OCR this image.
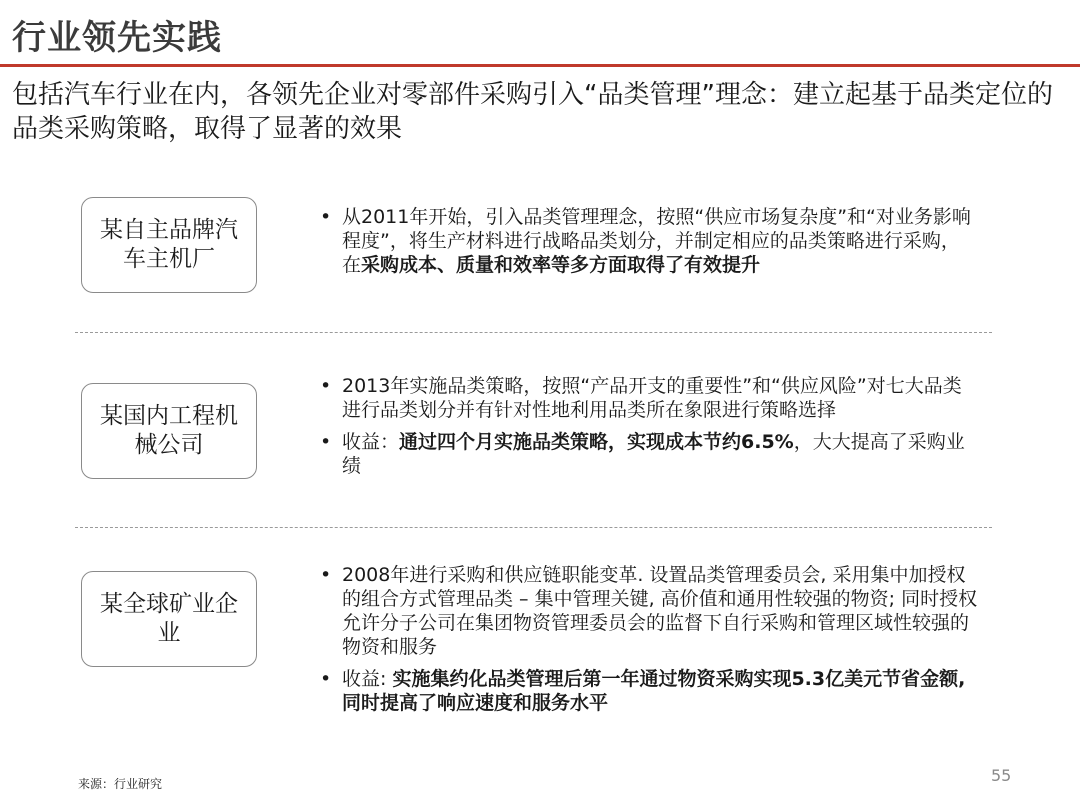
行业领先实践

包括汽车行业在内，各领先企业对零部件采购引入“品类管理”理念：建立起基于品类定位的品类采购策略，取得了显著的效果

某自主品牌汽车主机厂
• 从2011年开始，引入品类管理理念，按照“供应市场复杂度”和“对业务影响程度”，将生产材料进行战略品类划分，并制定相应的品类策略进行采购，在采购成本、质量和效率等多方面取得了有效提升
某国内工程机械公司
• 2013年实施品类策略，按照“产品开支的重要性”和“供应风险”对七大品类进行品类划分并有针对性地利用品类所在象限进行策略选择
• 收益：通过四个月实施品类策略，实现成本节约6.5%，大大提高了采购业绩
某全球矿业企业
• 2008年进行采购和供应链职能变革. 设置品类管理委员会, 采用集中加授权的组合方式管理品类 – 集中管理关键, 高价值和通用性较强的物资; 同时授权允许分子公司在集团物资管理委员会的监督下自行采购和管理区域性较强的物资和服务
• 收益: 实施集约化品类管理后第一年通过物资采购实现5.3亿美元节省金额, 同时提高了响应速度和服务水平
来源：行业研究	55
